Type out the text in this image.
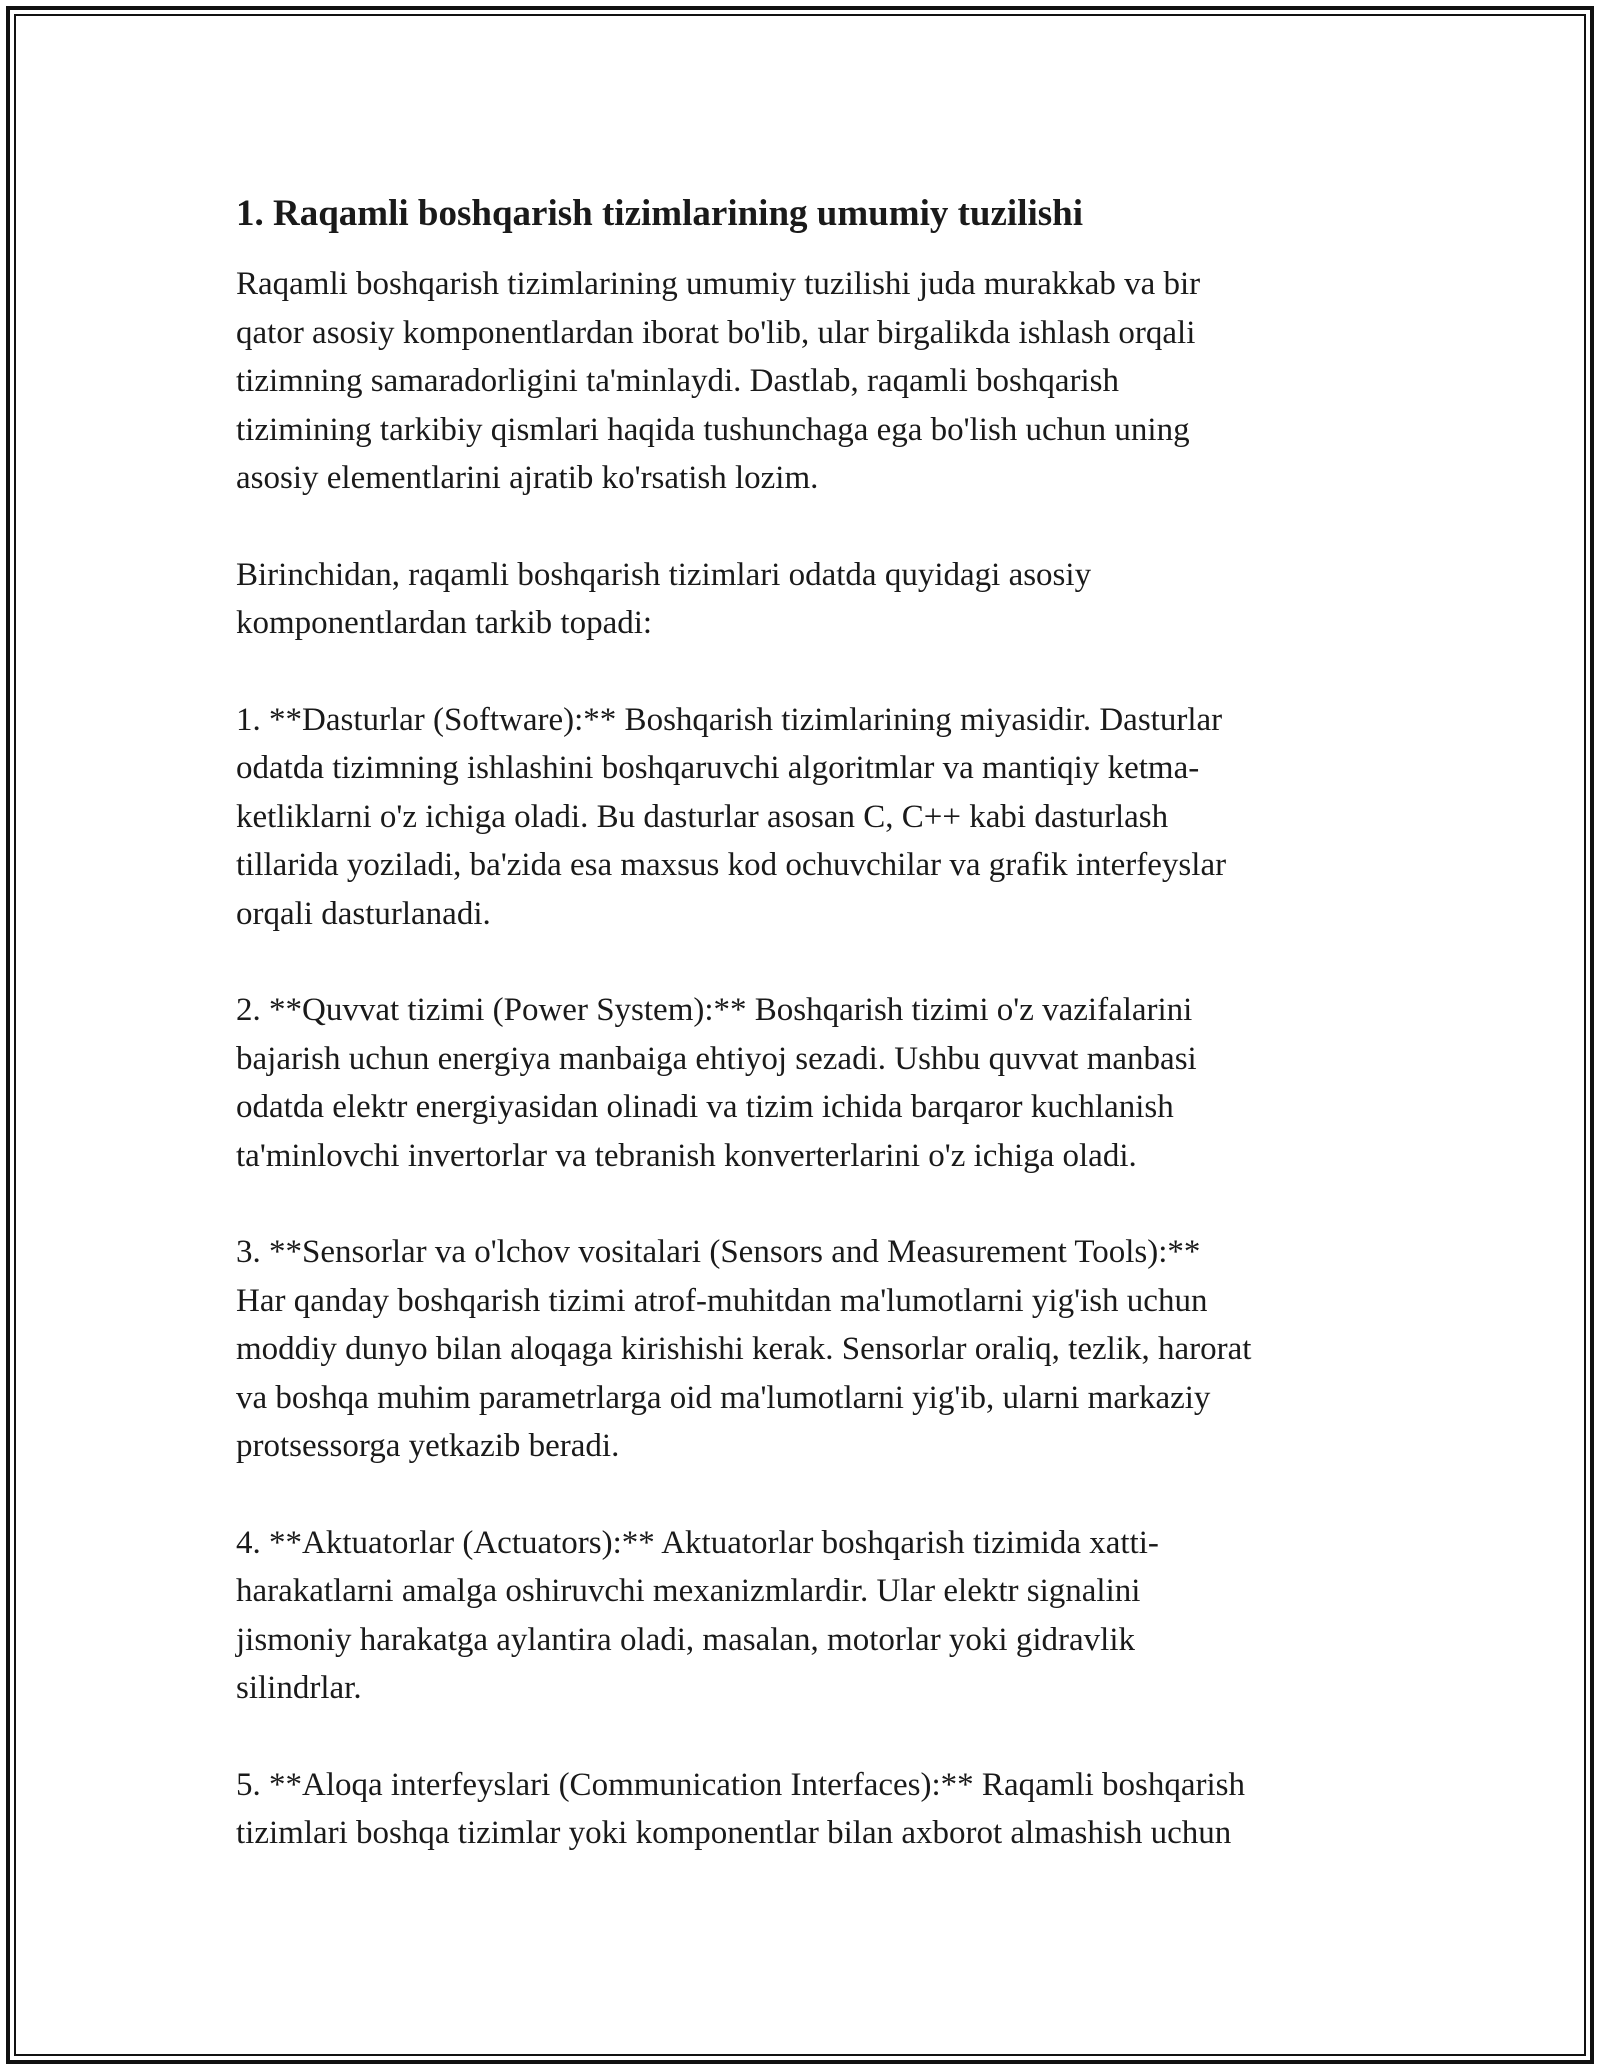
1. Raqamli boshqarish tizimlarining umumiy tuzilishi

Raqamli boshqarish tizimlarining umumiy tuzilishi juda murakkab va bir
qator asosiy komponentlardan iborat bo'lib, ular birgalikda ishlash orqali
tizimning samaradorligini ta'minlaydi. Dastlab, raqamli boshqarish
tizimining tarkibiy qismlari haqida tushunchaga ega bo'lish uchun uning
asosiy elementlarini ajratib ko'rsatish lozim.

Birinchidan, raqamli boshqarish tizimlari odatda quyidagi asosiy
komponentlardan tarkib topadi:

1. **Dasturlar (Software):** Boshqarish tizimlarining miyasidir. Dasturlar
odatda tizimning ishlashini boshqaruvchi algoritmlar va mantiqiy ketma-
ketliklarni o'z ichiga oladi. Bu dasturlar asosan C, C++ kabi dasturlash
tillarida yoziladi, ba'zida esa maxsus kod ochuvchilar va grafik interfeyslar
orqali dasturlanadi.

2. **Quvvat tizimi (Power System):** Boshqarish tizimi o'z vazifalarini
bajarish uchun energiya manbaiga ehtiyoj sezadi. Ushbu quvvat manbasi
odatda elektr energiyasidan olinadi va tizim ichida barqaror kuchlanish
ta'minlovchi invertorlar va tebranish konverterlarini o'z ichiga oladi.

3. **Sensorlar va o'lchov vositalari (Sensors and Measurement Tools):**
Har qanday boshqarish tizimi atrof-muhitdan ma'lumotlarni yig'ish uchun
moddiy dunyo bilan aloqaga kirishishi kerak. Sensorlar oraliq, tezlik, harorat
va boshqa muhim parametrlarga oid ma'lumotlarni yig'ib, ularni markaziy
protsessorga yetkazib beradi.

4. **Aktuatorlar (Actuators):** Aktuatorlar boshqarish tizimida xatti-
harakatlarni amalga oshiruvchi mexanizmlardir. Ular elektr signalini
jismoniy harakatga aylantira oladi, masalan, motorlar yoki gidravlik
silindrlar.

5. **Aloqa interfeyslari (Communication Interfaces):** Raqamli boshqarish
tizimlari boshqa tizimlar yoki komponentlar bilan axborot almashish uchun
